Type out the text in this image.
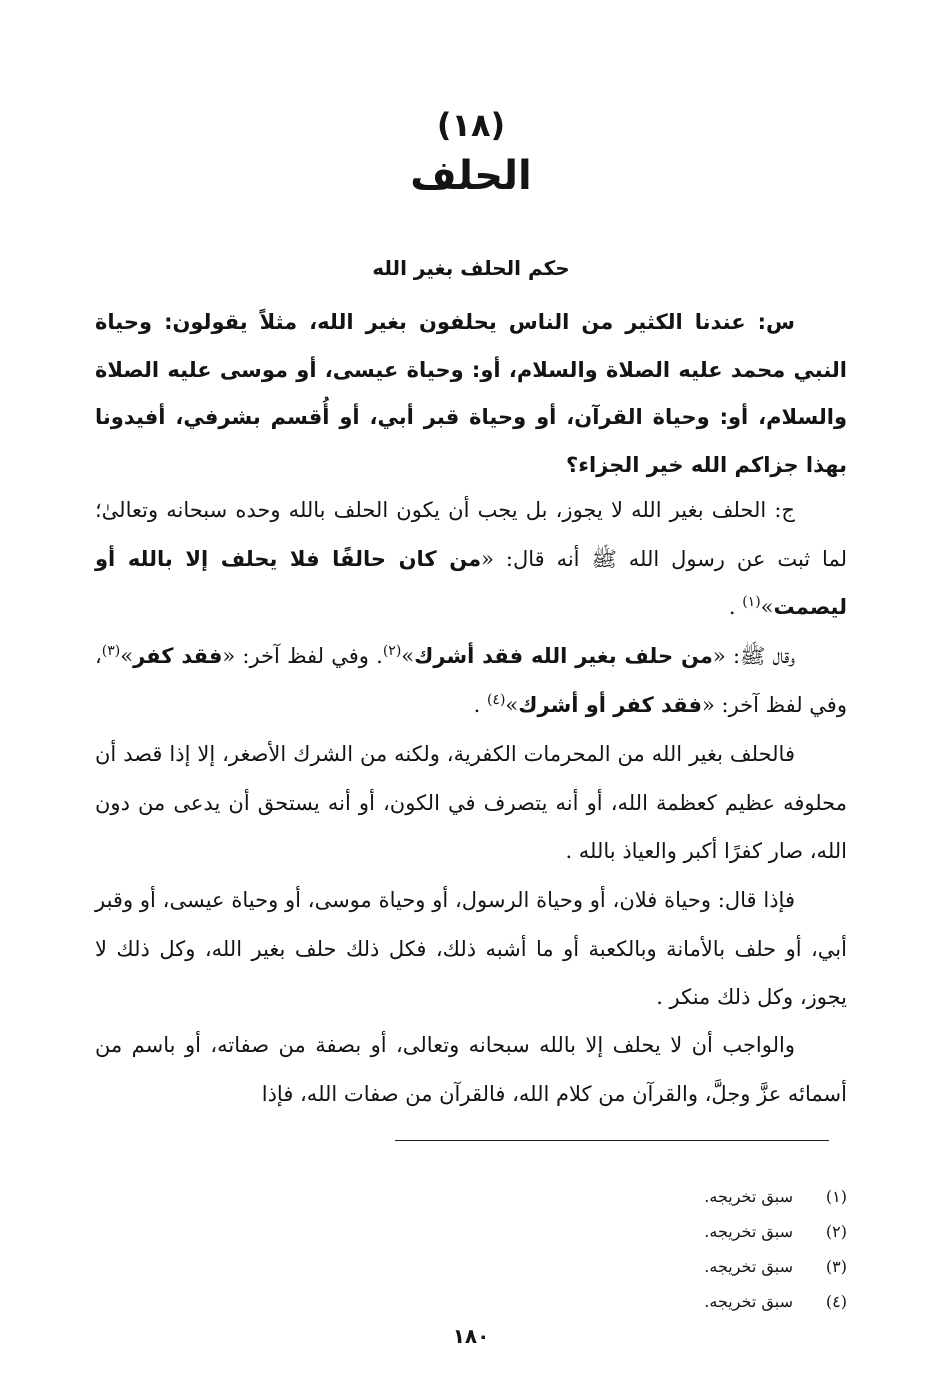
(١٨)
الحلف
حكم الحلف بغير الله
س: عندنا الكثير من الناس يحلفون بغير الله، مثلاً يقولون: وحياة النبي محمد عليه الصلاة والسلام، أو: وحياة عيسى، أو موسى عليه الصلاة والسلام، أو: وحياة القرآن، أو وحياة قبر أبي، أو أُقسم بشرفي، أفيدونا بهذا جزاكم الله خير الجزاء؟
ج: الحلف بغير الله لا يجوز، بل يجب أن يكون الحلف بالله وحده سبحانه وتعالىٰ؛ لما ثبت عن رسول الله ﷺ أنه قال: «من كان حالفًا فلا يحلف إلا بالله أو ليصمت»$^{(١)}$ .
وقال ﷺ: «من حلف بغير الله فقد أشرك»$^{(٢)}$. وفي لفظ آخر: «فقد كفر»$^{(٣)}$، وفي لفظ آخر: «فقد كفر أو أشرك»$^{(٤)}$ .
فالحلف بغير الله من المحرمات الكفرية، ولكنه من الشرك الأصغر، إلا إذا قصد أن محلوفه عظيم كعظمة الله، أو أنه يتصرف في الكون، أو أنه يستحق أن يدعى من دون الله، صار كفرًا أكبر والعياذ بالله .
فإذا قال: وحياة فلان، أو وحياة الرسول، أو وحياة موسى، أو وحياة عيسى، أو وقبر أبي، أو حلف بالأمانة وبالكعبة أو ما أشبه ذلك، فكل ذلك حلف بغير الله، وكل ذلك لا يجوز، وكل ذلك منكر .
والواجب أن لا يحلف إلا بالله سبحانه وتعالى، أو بصفة من صفاته، أو باسم من أسمائه عزَّ وجلَّ، والقرآن من كلام الله، فالقرآن من صفات الله، فإذا
(١)
سبق تخريجه.
(٢)
سبق تخريجه.
(٣)
سبق تخريجه.
(٤)
سبق تخريجه.
١٨٠
